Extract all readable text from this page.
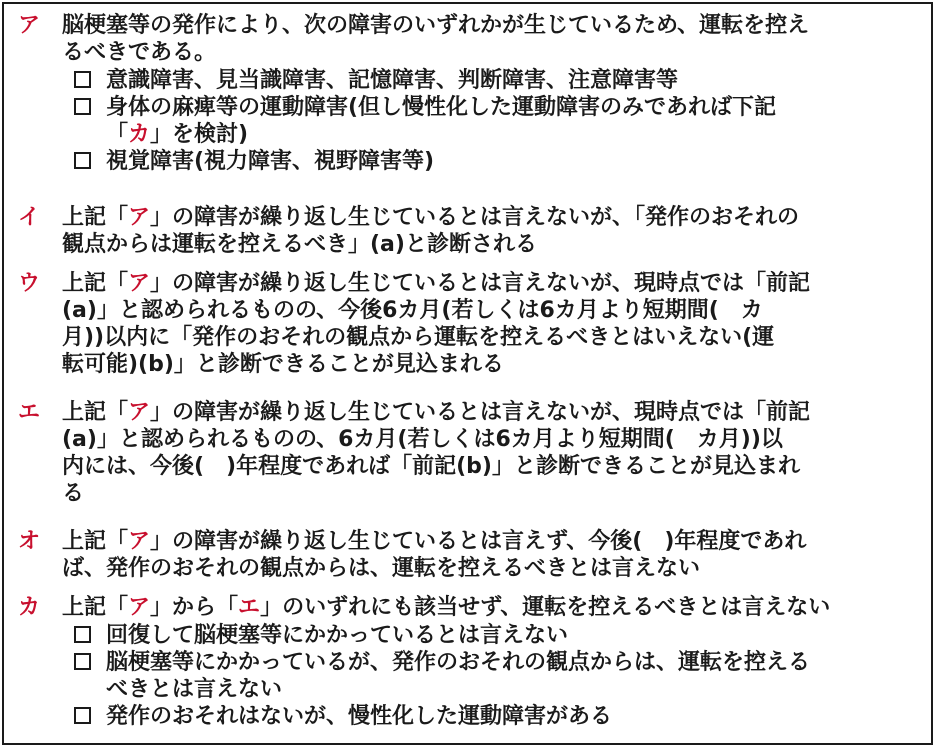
ア 脳梗塞等の発作により、次の障害のいずれかが生じているため、運転を控え
るべきである。
意識障害、見当識障害、記憶障害、判断障害、注意障害等
身体の麻痺等の運動障害(但し慢性化した運動障害のみであれば下記
「カ」を検討)
視覚障害(視力障害、視野障害等)
イ 上記「ア」の障害が繰り返し生じているとは言えないが、「発作のおそれの
観点からは運転を控えるべき」(a)と診断される
ウ 上記「ア」の障害が繰り返し生じているとは言えないが、現時点では「前記
(a)」と認められるものの、今後6カ月(若しくは6カ月より短期間(　カ
月))以内に「発作のおそれの観点から運転を控えるべきとはいえない(運
転可能)(b)」と診断できることが見込まれる
エ 上記「ア」の障害が繰り返し生じているとは言えないが、現時点では「前記
(a)」と認められるものの、6カ月(若しくは6カ月より短期間(　カ月))以
内には、今後(　)年程度であれば「前記(b)」と診断できることが見込まれ
る
オ 上記「ア」の障害が繰り返し生じているとは言えず、今後(　)年程度であれ
ば、発作のおそれの観点からは、運転を控えるべきとは言えない
カ 上記「ア」から「エ」のいずれにも該当せず、運転を控えるべきとは言えない
回復して脳梗塞等にかかっているとは言えない
脳梗塞等にかかっているが、発作のおそれの観点からは、運転を控える
べきとは言えない
発作のおそれはないが、慢性化した運動障害がある
